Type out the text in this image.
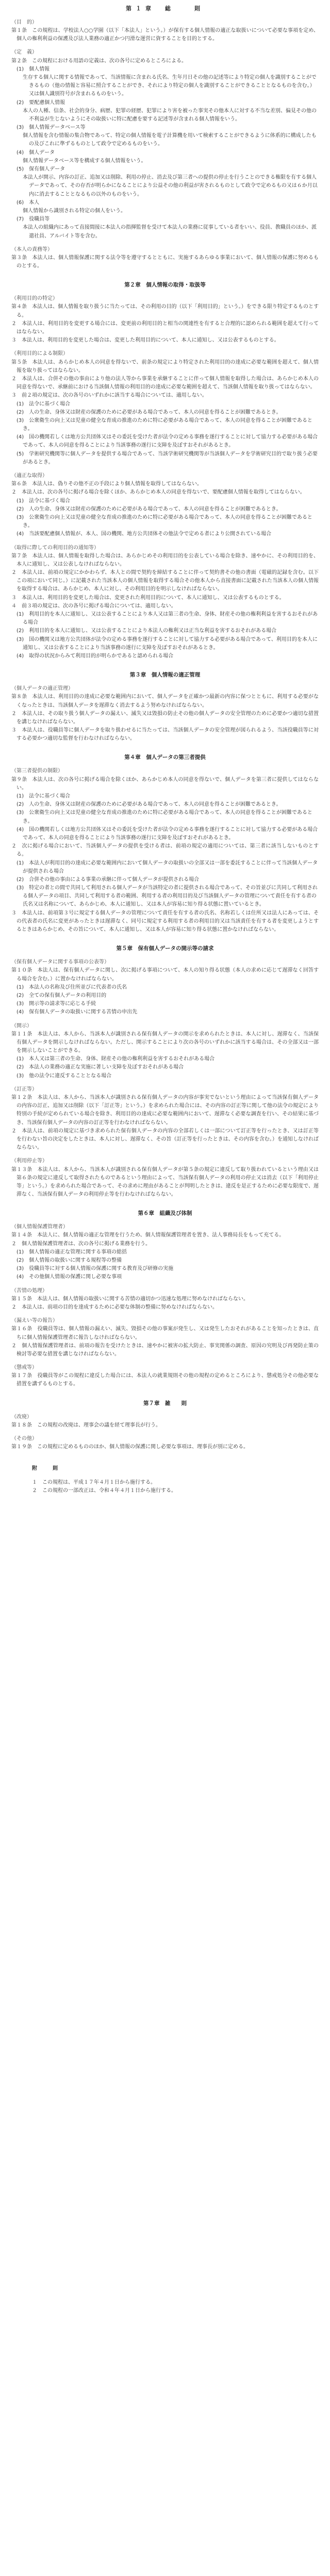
第１章　総　　則

（目　的）

第１条　この規程は、学校法人○○学園（以下「本法人」という。）が保有する個人情報の適正な取扱いについて必要な事項を定め、個人の権利利益の保護及び法人業務の適正かつ円滑な運営に資することを目的とする。

（定　義）

第２条　この規程における用語の定義は、次の各号に定めるところによる。

(1)　個人情報

生存する個人に関する情報であって、当該情報に含まれる氏名、生年月日その他の記述等により特定の個人を識別することができるもの（他の情報と容易に照合することができ、それにより特定の個人を識別することができることとなるものを含む。）又は個人識別符号が含まれるものをいう。

(2)　要配慮個人情報

本人の人種、信条、社会的身分、病歴、犯罪の経歴、犯罪により害を被った事実その他本人に対する不当な差別、偏見その他の不利益が生じないようにその取扱いに特に配慮を要する記述等が含まれる個人情報をいう。

(3)　個人情報データベース等

個人情報を含む情報の集合物であって、特定の個人情報を電子計算機を用いて検索することができるように体系的に構成したもの及びこれに準ずるものとして政令で定めるものをいう。

(4)　個人データ

個人情報データベース等を構成する個人情報をいう。

(5)　保有個人データ

本法人が開示、内容の訂正、追加又は削除、利用の停止、消去及び第三者への提供の停止を行うことのできる権限を有する個人データであって、その存否が明らかになることにより公益その他の利益が害されるものとして政令で定めるもの又は６か月以内に消去することとなるもの以外のものをいう。

(6)　本人

個人情報から識別される特定の個人をいう。

(7)　役職員等

本法人の組織内にあって直接間接に本法人の指揮監督を受けて本法人の業務に従事している者をいい、役員、教職員のほか、派遣社員、アルバイト等を含む。

（本人の責務等）

第３条　本法人は、個人情報保護に関する法令等を遵守するとともに、実施するあらゆる事業において、個人情報の保護に努めるものとする。

第２章　個人情報の取得・取扱等

（利用目的の特定）

第４条　本法人は、個人情報を取り扱うに当たっては、その利用の目的（以下「利用目的」という。）をできる限り特定するものとする。

２　本法人は、利用目的を変更する場合には、変更前の利用目的と相当の関連性を有すると合理的に認められる範囲を超えて行ってはならない。

３　本法人は、利用目的を変更した場合は、変更した利用目的について、本人に通知し、又は公表するものとする。

（利用目的による制限）

第５条　本法人は、あらかじめ本人の同意を得ないで、前条の規定により特定された利用目的の達成に必要な範囲を超えて、個人情報を取り扱ってはならない。

２　本法人は、合併その他の事由により他の法人等から事業を承継することに伴って個人情報を取得した場合は、あらかじめ本人の同意を得ないで、承継前における当該個人情報の利用目的の達成に必要な範囲を超えて、当該個人情報を取り扱ってはならない。

３　前２項の規定は、次の各号のいずれかに該当する場合については、適用しない。

(1)　法令に基づく場合

(2)　人の生命、身体又は財産の保護のために必要がある場合であって、本人の同意を得ることが困難であるとき。

(3)　公衆衛生の向上又は児童の健全な育成の推進のために特に必要がある場合であって、本人の同意を得ることが困難であるとき。

(4)　国の機関若しくは地方公共団体又はその委託を受けた者が法令の定める事務を遂行することに対して協力する必要がある場合であって、本人の同意を得ることにより当該事務の遂行に支障を及ぼすおそれがあるとき。

(5)　学術研究機関等に個人データを提供する場合であって、当該学術研究機関等が当該個人データを学術研究目的で取り扱う必要があるとき。

（適正な取得）

第６条　本法人は、偽りその他不正の手段により個人情報を取得してはならない。

２　本法人は、次の各号に掲げる場合を除くほか、あらかじめ本人の同意を得ないで、要配慮個人情報を取得してはならない。

(1)　法令に基づく場合

(2)　人の生命、身体又は財産の保護のために必要がある場合であって、本人の同意を得ることが困難であるとき。

(3)　公衆衛生の向上又は児童の健全な育成の推進のために特に必要がある場合であって、本人の同意を得ることが困難であるとき。

(4)　当該要配慮個人情報が、本人、国の機関、地方公共団体その他法令で定める者により公開されている場合

（取得に際しての利用目的の通知等）

第７条　本法人は、個人情報を取得した場合は、あらかじめその利用目的を公表している場合を除き、速やかに、その利用目的を、本人に通知し、又は公表しなければならない。

２　本法人は、前項の規定にかかわらず、本人との間で契約を締結することに伴って契約書その他の書面（電磁的記録を含む。以下この項において同じ。）に記載された当該本人の個人情報を取得する場合その他本人から直接書面に記載された当該本人の個人情報を取得する場合は、あらかじめ、本人に対し、その利用目的を明示しなければならない。

３　本法人は、利用目的を変更した場合は、変更された利用目的について、本人に通知し、又は公表するものとする。

４　前３項の規定は、次の各号に掲げる場合については、適用しない。

(1)　利用目的を本人に通知し、又は公表することにより本人又は第三者の生命、身体、財産その他の権利利益を害するおそれがある場合

(2)　利用目的を本人に通知し、又は公表することにより本法人の権利又は正当な利益を害するおそれがある場合

(3)　国の機関又は地方公共団体が法令の定める事務を遂行することに対して協力する必要がある場合であって、利用目的を本人に通知し、又は公表することにより当該事務の遂行に支障を及ぼすおそれがあるとき。

(4)　取得の状況からみて利用目的が明らかであると認められる場合

第３章　個人情報の適正管理

（個人データの適正管理）

第８条　本法人は、利用目的の達成に必要な範囲内において、個人データを正確かつ最新の内容に保つとともに、利用する必要がなくなったときは、当該個人データを遅滞なく消去するよう努めなければならない。

２　本法人は、その取り扱う個人データの漏えい、滅失又は毀損の防止その他の個人データの安全管理のために必要かつ適切な措置を講じなければならない。

３　本法人は、役職員等に個人データを取り扱わせるに当たっては、当該個人データの安全管理が図られるよう、当該役職員等に対する必要かつ適切な監督を行わなければならない。

第４章　個人データの第三者提供

（第三者提供の制限）

第９条　本法人は、次の各号に掲げる場合を除くほか、あらかじめ本人の同意を得ないで、個人データを第三者に提供してはならない。

(1)　法令に基づく場合

(2)　人の生命、身体又は財産の保護のために必要がある場合であって、本人の同意を得ることが困難であるとき。

(3)　公衆衛生の向上又は児童の健全な育成の推進のために特に必要がある場合であって、本人の同意を得ることが困難であるとき。

(4)　国の機関若しくは地方公共団体又はその委託を受けた者が法令の定める事務を遂行することに対して協力する必要がある場合であって、本人の同意を得ることにより当該事務の遂行に支障を及ぼすおそれがあるとき。

２　次に掲げる場合において、当該個人データの提供を受ける者は、前項の規定の適用については、第三者に該当しないものとする。

(1)　本法人が利用目的の達成に必要な範囲内において個人データの取扱いの全部又は一部を委託することに伴って当該個人データが提供される場合

(2)　合併その他の事由による事業の承継に伴って個人データが提供される場合

(3)　特定の者との間で共同して利用される個人データが当該特定の者に提供される場合であって、その旨並びに共同して利用される個人データの項目、共同して利用する者の範囲、利用する者の利用目的及び当該個人データの管理について責任を有する者の氏名又は名称について、あらかじめ、本人に通知し、又は本人が容易に知り得る状態に置いているとき。

３　本法人は、前項第３号に規定する個人データの管理について責任を有する者の氏名、名称若しくは住所又は法人にあっては、その代表者の氏名に変更があったときは遅滞なく、同号に規定する利用する者の利用目的又は当該責任を有する者を変更しようとするときはあらかじめ、その旨について、本人に通知し、又は本人が容易に知り得る状態に置かなければならない。

第５章　保有個人データの開示等の請求

（保有個人データに関する事項の公表等）

第１０条　本法人は、保有個人データに関し、次に掲げる事項について、本人の知り得る状態（本人の求めに応じて遅滞なく回答する場合を含む。）に置かなければならない。

(1)　本法人の名称及び住所並びに代表者の氏名

(2)　全ての保有個人データの利用目的

(3)　開示等の請求等に応じる手続

(4)　保有個人データの取扱いに関する苦情の申出先

（開示）

第１１条　本法人は、本人から、当該本人が識別される保有個人データの開示を求められたときは、本人に対し、遅滞なく、当該保有個人データを開示しなければならない。ただし、開示することにより次の各号のいずれかに該当する場合は、その全部又は一部を開示しないことができる。

(1)　本人又は第三者の生命、身体、財産その他の権利利益を害するおそれがある場合

(2)　本法人の業務の適正な実施に著しい支障を及ぼすおそれがある場合

(3)　他の法令に違反することとなる場合

（訂正等）

第１２条　本法人は、本人から、当該本人が識別される保有個人データの内容が事実でないという理由によって当該保有個人データの内容の訂正、追加又は削除（以下「訂正等」という。）を求められた場合には、その内容の訂正等に関して他の法令の規定により特別の手続が定められている場合を除き、利用目的の達成に必要な範囲内において、遅滞なく必要な調査を行い、その結果に基づき、当該保有個人データの内容の訂正等を行わなければならない。

２　本法人は、前項の規定に基づき求められた保有個人データの内容の全部若しくは一部について訂正等を行ったとき、又は訂正等を行わない旨の決定をしたときは、本人に対し、遅滞なく、その旨（訂正等を行ったときは、その内容を含む。）を通知しなければならない。

（利用停止等）

第１３条　本法人は、本人から、当該本人が識別される保有個人データが第５条の規定に違反して取り扱われているという理由又は第６条の規定に違反して取得されたものであるという理由によって、当該保有個人データの利用の停止又は消去（以下「利用停止等」という。）を求められた場合であって、その求めに理由があることが判明したときは、違反を是正するために必要な限度で、遅滞なく、当該保有個人データの利用停止等を行わなければならない。

第６章　組織及び体制

（個人情報保護管理者）

第１４条　本法人に、個人情報の適正な管理を行うため、個人情報保護管理者を置き、法人事務局長をもって充てる。

２　個人情報保護管理者は、次の各号に掲げる業務を行う。

(1)　個人情報の適正な管理に関する事項の総括

(2)　個人情報の取扱いに関する規程等の整備

(3)　役職員等に対する個人情報の保護に関する教育及び研修の実施

(4)　その他個人情報の保護に関し必要な事項

（苦情の処理）

第１５条　本法人は、個人情報の取扱いに関する苦情の適切かつ迅速な処理に努めなければならない。

２　本法人は、前項の目的を達成するために必要な体制の整備に努めなければならない。

（漏えい等の報告）

第１６条　役職員等は、個人情報の漏えい、滅失、毀損その他の事案が発生し、又は発生したおそれがあることを知ったときは、直ちに個人情報保護管理者に報告しなければならない。

２　個人情報保護管理者は、前項の報告を受けたときは、速やかに被害の拡大防止、事実関係の調査、原因の究明及び再発防止策の検討等必要な措置を講じなければならない。

（懲戒等）

第１７条　役職員等がこの規程に違反した場合には、本法人の就業規則その他の規程の定めるところにより、懲戒処分その他必要な措置を講ずるものとする。

第７章　雑　　則

（改廃）

第１８条　この規程の改廃は、理事会の議を経て理事長が行う。

（その他）

第１９条　この規程に定めるもののほか、個人情報の保護に関し必要な事項は、理事長が別に定める。

附　則

１　この規程は、平成１７年４月１日から施行する。

２　この規程の一部改正は、令和４年４月１日から施行する。
